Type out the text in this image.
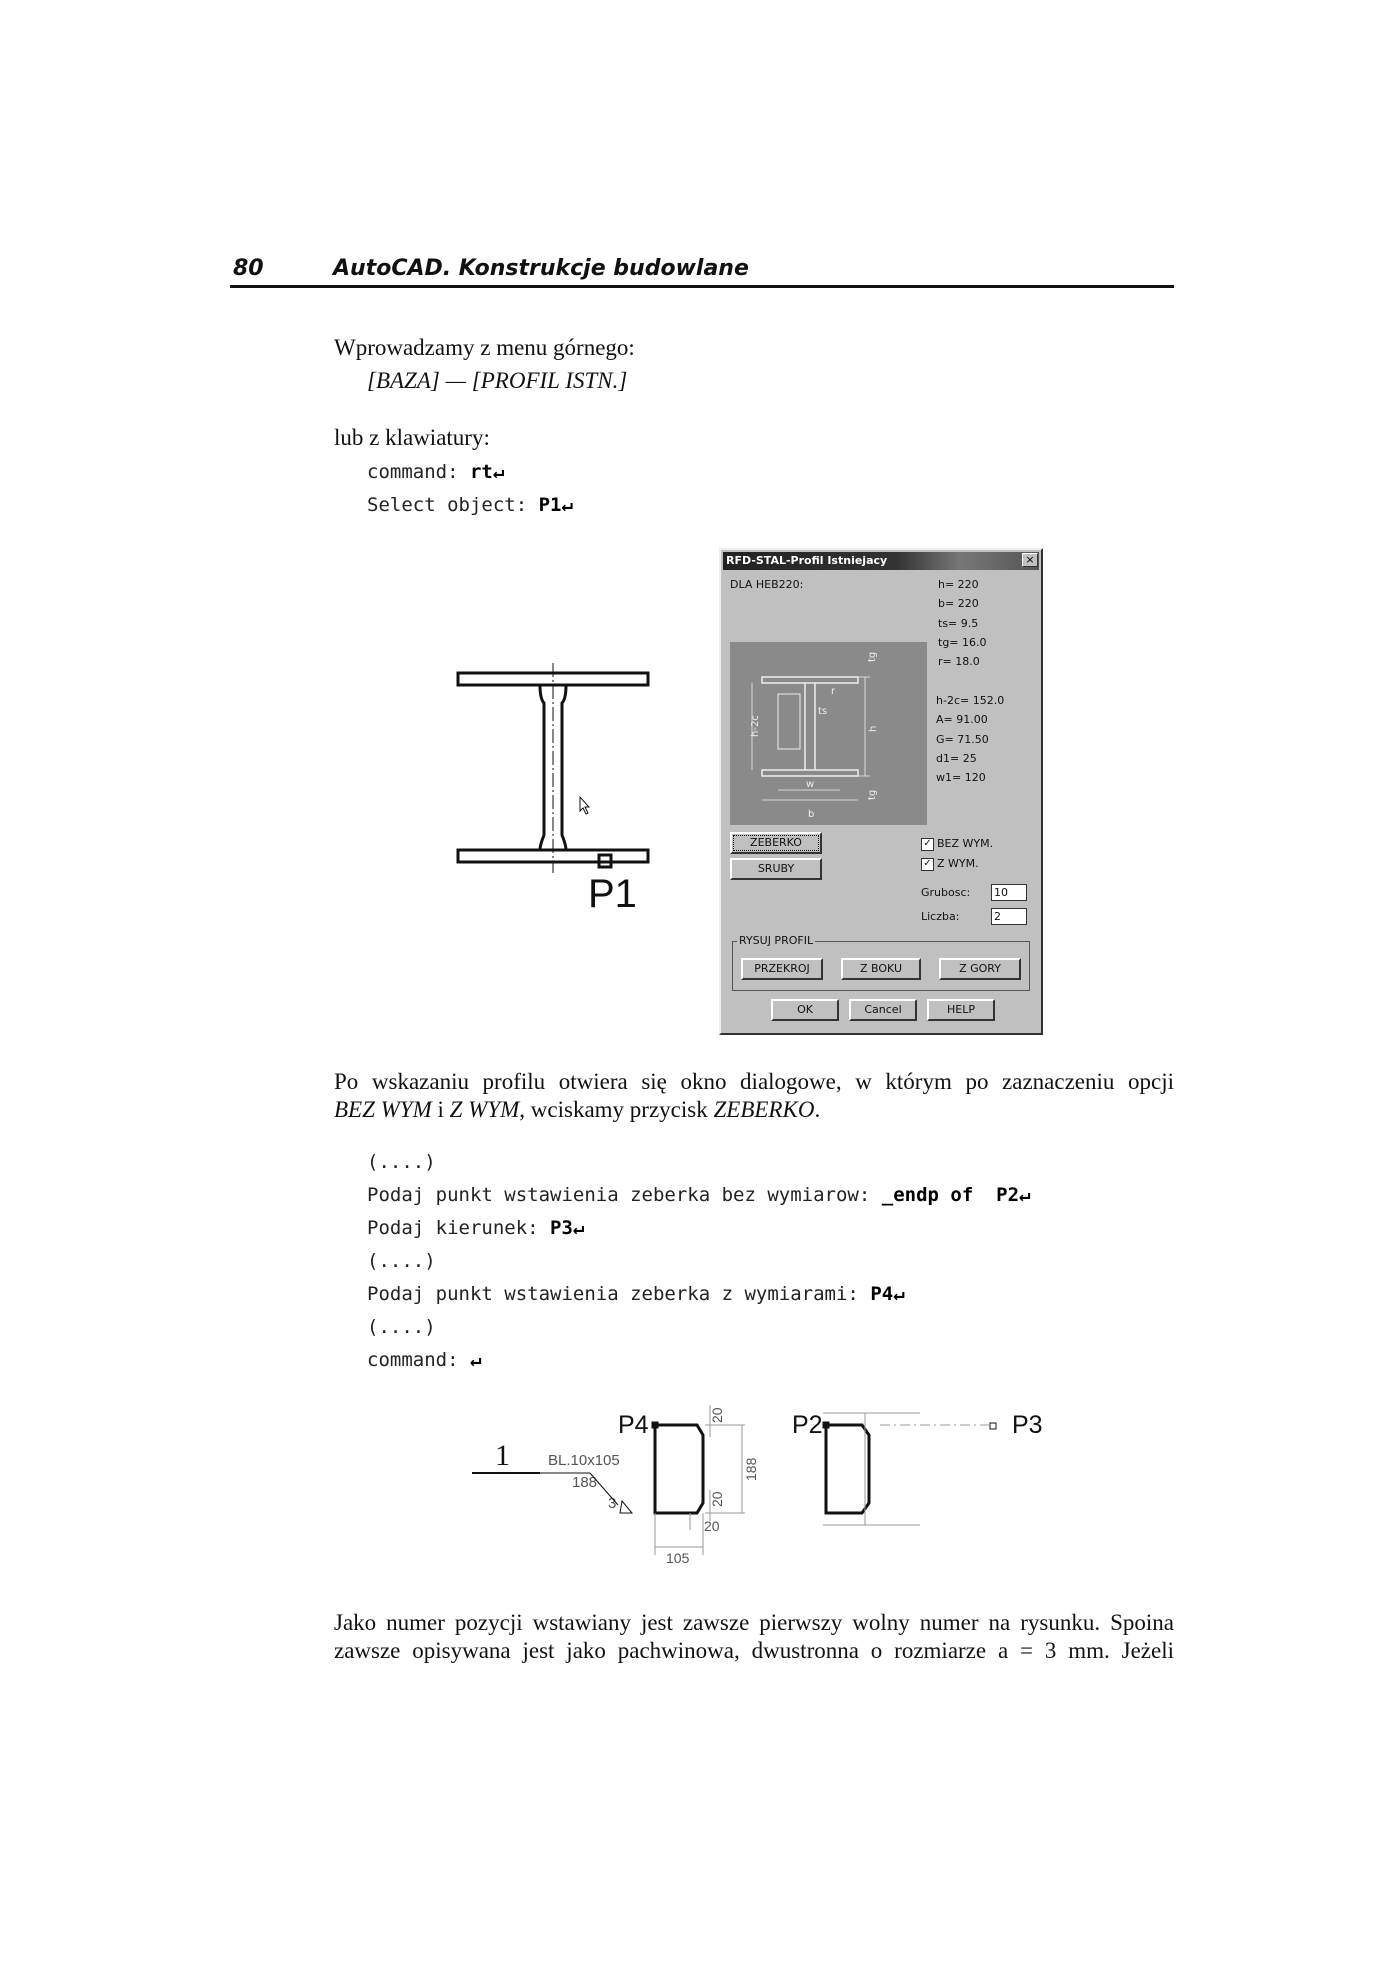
80	AutoCAD. Konstrukcje budowlane
Wprowadzamy z menu górnego:
[BAZA] — [PROFIL ISTN.]
lub z klawiatury:
command: rt↵
Select object: P1↵
P1
RFD-STAL-Profil Istniejacy	×
DLA HEB220:	h= 220
b= 220
ts= 9.5
tg= 16.0
r= 18.0
tg
h-2c
ts
h
w
b
tg
r
h-2c= 152.0
A= 91.00
G= 71.50
d1= 25
w1= 120
ZEBERKO
SRUBY
✓ BEZ WYM.
✓ Z WYM.
Grubosc: 10
Liczba:	2
RYSUJ PROFIL
PRZEKROJ	Z BOKU	Z GORY
OK	Cancel	HELP
Po wskazaniu profilu otwiera się okno dialogowe, w którym po zaznaczeniu opcji
BEZ WYM i Z WYM, wciskamy przycisk ZEBERKO.
(....)
Podaj punkt wstawienia zeberka bez wymiarow: _endp of  P2↵
Podaj kierunek: P3↵
(....)
Podaj punkt wstawienia zeberka z wymiarami: P4↵
(....)
command: ↵
1	BL.10x105
188
3
P4	P2	P3
20
20
188
20
105
Jako numer pozycji wstawiany jest zawsze pierwszy wolny numer na rysunku. Spoina
zawsze opisywana jest jako pachwinowa, dwustronna o rozmiarze a = 3 mm. Jeżeli
